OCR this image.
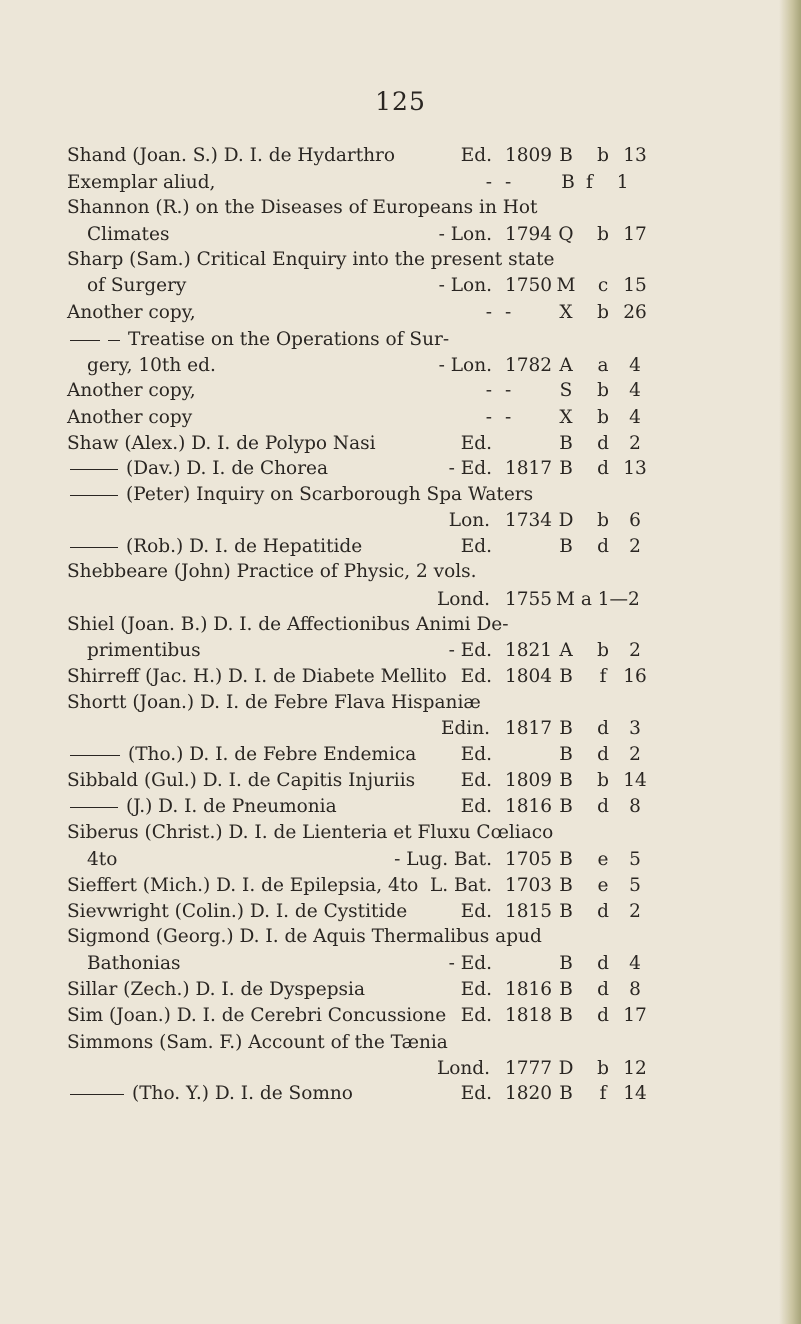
125
Shand (Joan. S.) D. I. de Hydarthro	Ed. 1809 B	b 13
Exemplar aliud,	- -	B f 1
Shannon (R.) on the Diseases of Europeans in Hot
Climates	- Lon. 1794 Q	b 17
Sharp (Sam.) Critical Enquiry into the present state
of Surgery	- Lon. 1750 M	c 15
Another copy,	- -	X	b 26
Treatise on the Operations of Sur-
gery, 10th ed.	- Lon. 1782 A	a	4
Another copy,	- -	S	b	4
Another copy	- -	X	b	4
Shaw (Alex.) D. I. de Polypo Nasi	Ed.	B	d	2
(Dav.) D. I. de Chorea	- Ed. 1817 B	d 13
(Peter) Inquiry on Scarborough Spa Waters
Lon. 1734 D	b	6
(Rob.) D. I. de Hepatitide	Ed.	B	d	2
Shebbeare (John) Practice of Physic, 2 vols.
Lond. 1755 M a 1—2
Shiel (Joan. B.) D. I. de Affectionibus Animi De-
primentibus	- Ed. 1821 A	b	2
Shirreff (Jac. H.) D. I. de Diabete Mellito Ed. 1804 B	f 16
Shortt (Joan.) D. I. de Febre Flava Hispaniæ
Edin. 1817 B	d	3
(Tho.) D. I. de Febre Endemica	Ed.	B	d	2
Sibbald (Gul.) D. I. de Capitis Injuriis	Ed. 1809 B	b 14
(J.) D. I. de Pneumonia	Ed. 1816 B	d	8
Siberus (Christ.) D. I. de Lienteria et Fluxu Cœliaco
4to	- Lug. Bat. 1705 B	e	5
Sieffert (Mich.) D. I. de Epilepsia, 4to L. Bat. 1703 B	e	5
Sievwright (Colin.) D. I. de Cystitide	Ed. 1815 B	d	2
Sigmond (Georg.) D. I. de Aquis Thermalibus apud
Bathonias	- Ed.	B	d	4
Sillar (Zech.) D. I. de Dyspepsia	Ed. 1816 B	d	8
Sim (Joan.) D. I. de Cerebri Concussione Ed. 1818 B	d 17
Simmons (Sam. F.) Account of the Tænia
Lond. 1777 D	b 12
(Tho. Y.) D. I. de Somno	Ed. 1820 B	f 14
